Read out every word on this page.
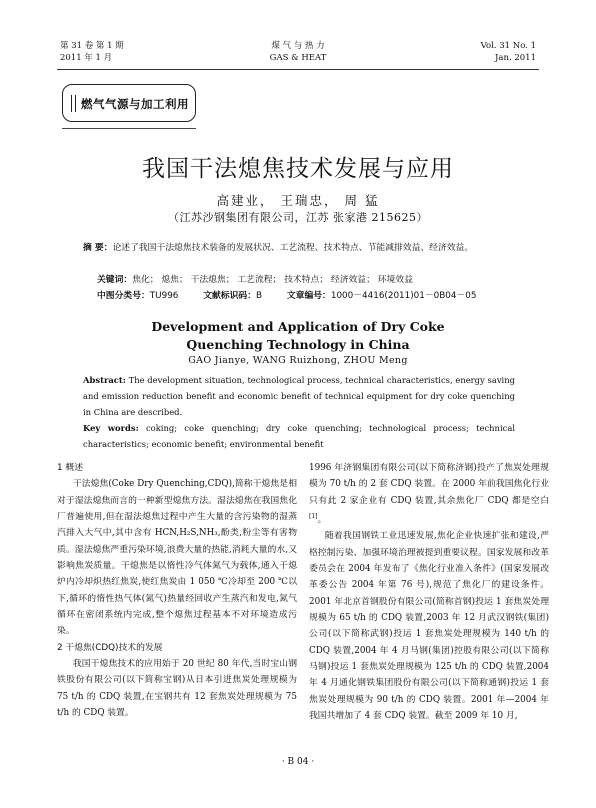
第 31 卷 第 1 期
2011 年 1 月
煤 气 与 热 力
GAS & HEAT
Vol. 31 No. 1
Jan. 2011
燃气气源与加工利用
我国干法熄焦技术发展与应用
高建业， 王瑞忠， 周 猛
（江苏沙钢集团有限公司，江苏 张家港 215625）
摘 要：论述了我国干法熄焦技术装备的发展状况、工艺流程、技术特点、节能减排效益、经济效益。
关键词：焦化； 熄焦； 干法熄焦； 工艺流程； 技术特点； 经济效益； 环境效益
中图分类号：TU996	文献标识码：B	文章编号：1000－4416(2011)01－0B04－05
Development and Application of Dry Coke
Quenching Technology in China
GAO Jianye, WANG Ruizhong, ZHOU Meng
Abstract: The development situation, technological process, technical characteristics, energy saving and emission reduction benefit and economic benefit of technical equipment for dry coke quenching in China are described.
Key words: coking; coke quenching; dry coke quenching; technological process; technical characteristics; economic benefit; environmental benefit

1 概述

干法熄焦(Coke Dry Quenching,CDQ),简称干熄焦是相对于湿法熄焦而言的一种新型熄焦方法。湿法熄焦在我国焦化厂普遍使用,但在湿法熄焦过程中产生大量的含污染物的湿蒸汽排入大气中,其中含有 HCN,H₂S,NH₃,酚类,粉尘等有害物质。湿法熄焦严重污染环境,浪费大量的热能,消耗大量的水,又影响焦炭质量。干熄焦是以惰性冷气体氮气为载体,通入干熄炉内冷却炽热红焦炭,使红焦炭由 1 050 ℃冷却至 200 ℃以下,循环的惰性热气体(氮气)热量经回收产生蒸汽和发电,氮气循环在密闭系统内完成,整个熄焦过程基本不对环境造成污染。

2 干熄焦(CDQ)技术的发展

我国干熄焦技术的应用始于 20 世纪 80 年代,当时宝山钢铁股份有限公司(以下简称宝钢)从日本引进焦炭处理规模为 75 t/h 的 CDQ 装置,在宝钢共有 12 套焦炭处理规模为 75 t/h 的 CDQ 装置。

1996 年济钢集团有限公司(以下简称济钢)投产了焦炭处理规模为 70 t/h 的 2 套 CDQ 装置。在 2000 年前我国焦化行业只有此 2 家企业有 CDQ 装置,其余焦化厂 CDQ 都是空白[1]。

随着我国钢铁工业迅速发展,焦化企业快速扩张和建设,严格控制污染、加强环境治理被提到重要议程。国家发展和改革委员会在 2004 年发布了《焦化行业准入条件》(国家发展改革委公告 2004 年第 76 号),规范了焦化厂的建设条件。2001 年北京首钢股份有限公司(简称首钢)投运 1 套焦炭处理规模为 65 t/h 的 CDQ 装置,2003 年 12 月武汉钢铁(集团)公司(以下简称武钢)投运 1 套焦炭处理规模为 140 t/h 的 CDQ 装置,2004 年 4 月马钢(集团)控股有限公司(以下简称马钢)投运 1 套焦炭处理规模为 125 t/h 的 CDQ 装置,2004 年 4 月通化钢铁集团股份有限公司(以下简称通钢)投运 1 套焦炭处理规模为 90 t/h 的 CDQ 装置。2001 年—2004 年我国共增加了 4 套 CDQ 装置。截至 2009 年 10 月,

· B 04 ·
